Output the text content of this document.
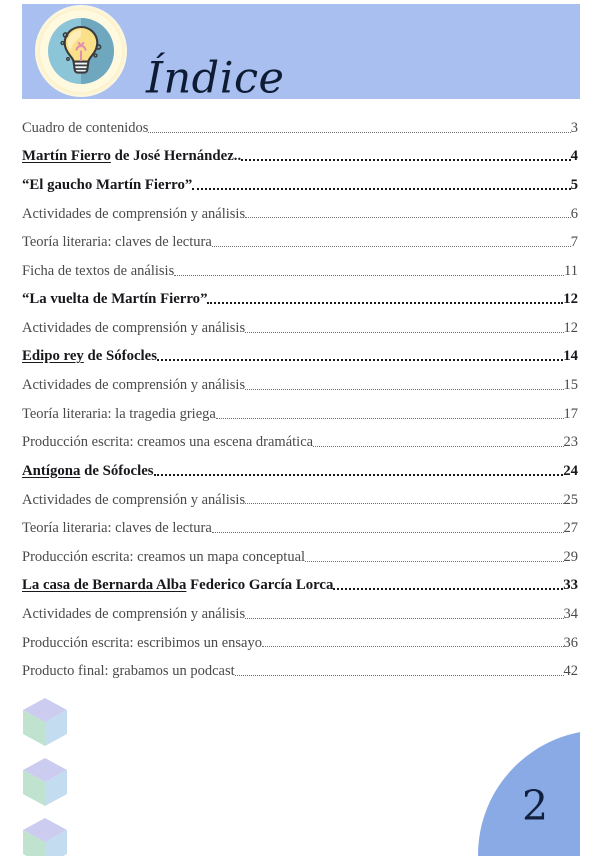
Índice
Cuadro de contenidos	3
Martín Fierro de José Hernández..	4
“El gaucho Martín Fierro”	5
Actividades de comprensión y análisis	6
Teoría literaria: claves de lectura	7
Ficha de textos de análisis	11
“La vuelta de Martín Fierro”	12
Actividades de comprensión y análisis	12
Edipo rey de Sófocles	14
Actividades de comprensión y análisis	15
Teoría literaria: la tragedia griega	17
Producción escrita: creamos una escena dramática	23
Antígona de Sófocles	24
Actividades de comprensión y análisis	25
Teoría literaria: claves de lectura	27
Producción escrita: creamos un mapa conceptual	29
La casa de Bernarda Alba Federico García Lorca	33
Actividades de comprensión y análisis	34
Producción escrita: escribimos un ensayo	36
Producto final: grabamos un podcast	42
2
